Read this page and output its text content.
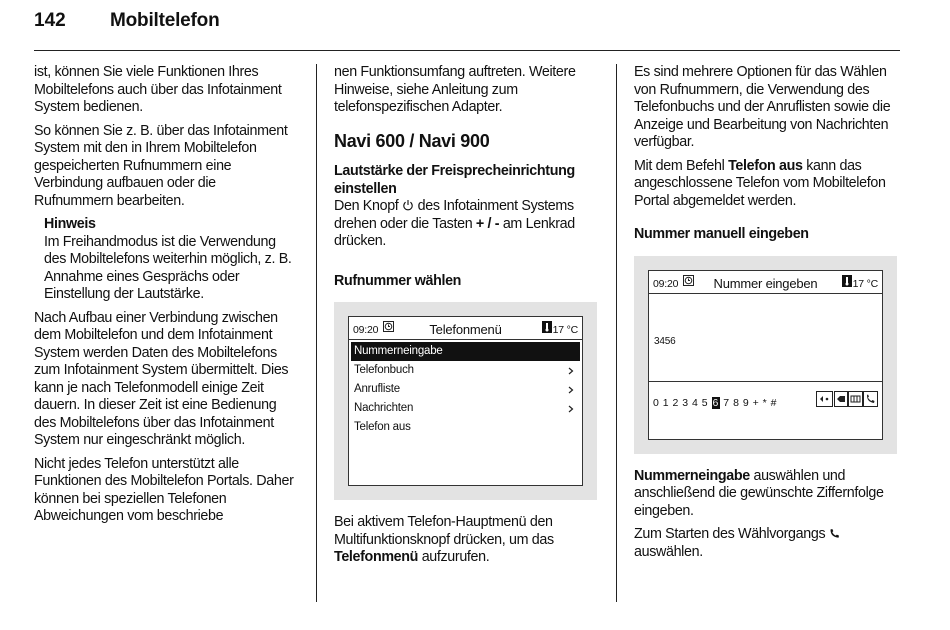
142 Mobiltelefon

ist, können Sie viele Funktionen Ihres Mobiltelefons auch über das Infotainment System bedienen.

So können Sie z. B. über das Infotainment System mit den in Ihrem Mobiltelefon gespeicherten Rufnummern eine Verbindung aufbauen oder die Rufnummern bearbeiten.

Hinweis
Im Freihandmodus ist die Verwendung des Mobiltelefons weiterhin möglich, z. B. Annahme eines Gesprächs oder Einstellung der Lautstärke.

Nach Aufbau einer Verbindung zwischen dem Mobiltelefon und dem Infotainment System werden Daten des Mobiltelefons zum Infotainment System übermittelt. Dies kann je nach Telefonmodell einige Zeit dauern. In dieser Zeit ist eine Bedienung des Mobiltelefons über das Infotainment System nur eingeschränkt möglich.

Nicht jedes Telefon unterstützt alle Funktionen des Mobiltelefon Portals. Daher können bei speziellen Telefonen Abweichungen vom beschriebe

nen Funktionsumfang auftreten. Weitere Hinweise, siehe Anleitung zum telefonspezifischen Adapter.

Navi 600 / Navi 900
Lautstärke der Freisprecheinrichtung einstellen

Den Knopf des Infotainment Systems drehen oder die Tasten + / - am Lenkrad drücken.

Rufnummer wählen
09:20	Telefonmenü	17 °C
Nummerneingabe
Telefonbuch
Anrufliste
Nachrichten
Telefon aus

Bei aktivem Telefon-Hauptmenü den Multifunktionsknopf drücken, um das Telefonmenü aufzurufen.

Es sind mehrere Optionen für das Wählen von Rufnummern, die Verwendung des Telefonbuchs und der Anruflisten sowie die Anzeige und Bearbeitung von Nachrichten verfügbar.

Mit dem Befehl Telefon aus kann das angeschlossene Telefon vom Mobiltelefon Portal abgemeldet werden.

Nummer manuell eingeben
09:20	Nummer eingeben	17 °C
3456
0 1 2 3 4 5 6 7 8 9 + * #

Nummerneingabe auswählen und anschließend die gewünschte Ziffernfolge eingeben.

Zum Starten des Wählvorgangs  auswählen.
